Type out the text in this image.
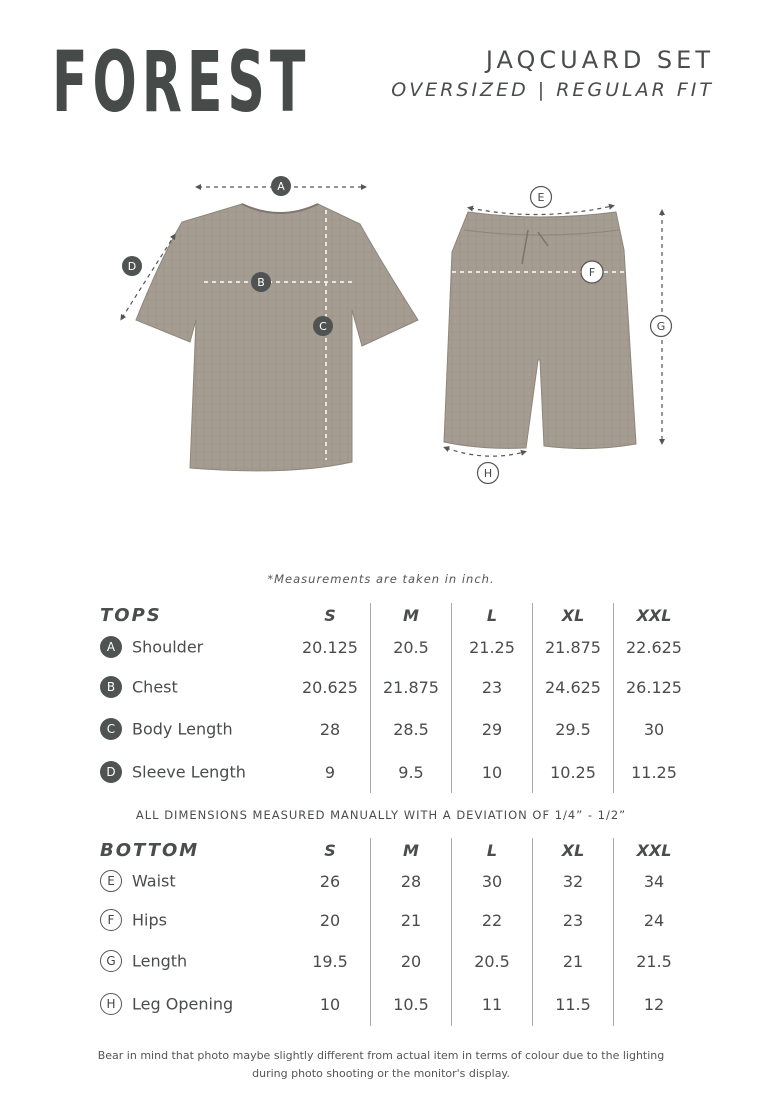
FOREST	JAQCUARD SET
OVERSIZED | REGULAR FIT
A
B
C
D
E
F
G
H
*Measurements are taken in inch.
TOPS	S	M	L	XL	XXL
A Shoulder	20.125	20.5	21.25	21.875	22.625
B Chest	20.625	21.875	23	24.625	26.125
C Body Length	28	28.5	29	29.5	30
D Sleeve Length	9	9.5	10	10.25	11.25
ALL DIMENSIONS MEASURED MANUALLY WITH A DEVIATION OF 1/4” - 1/2”
BOTTOM	S	M	L	XL	XXL
E Waist	26	28	30	32	34
F Hips	20	21	22	23	24
G Length	19.5	20	20.5	21	21.5
H Leg Opening	10	10.5	11	11.5	12
Bear in mind that photo maybe slightly different from actual item in terms of colour due to the lighting
during photo shooting or the monitor's display.
